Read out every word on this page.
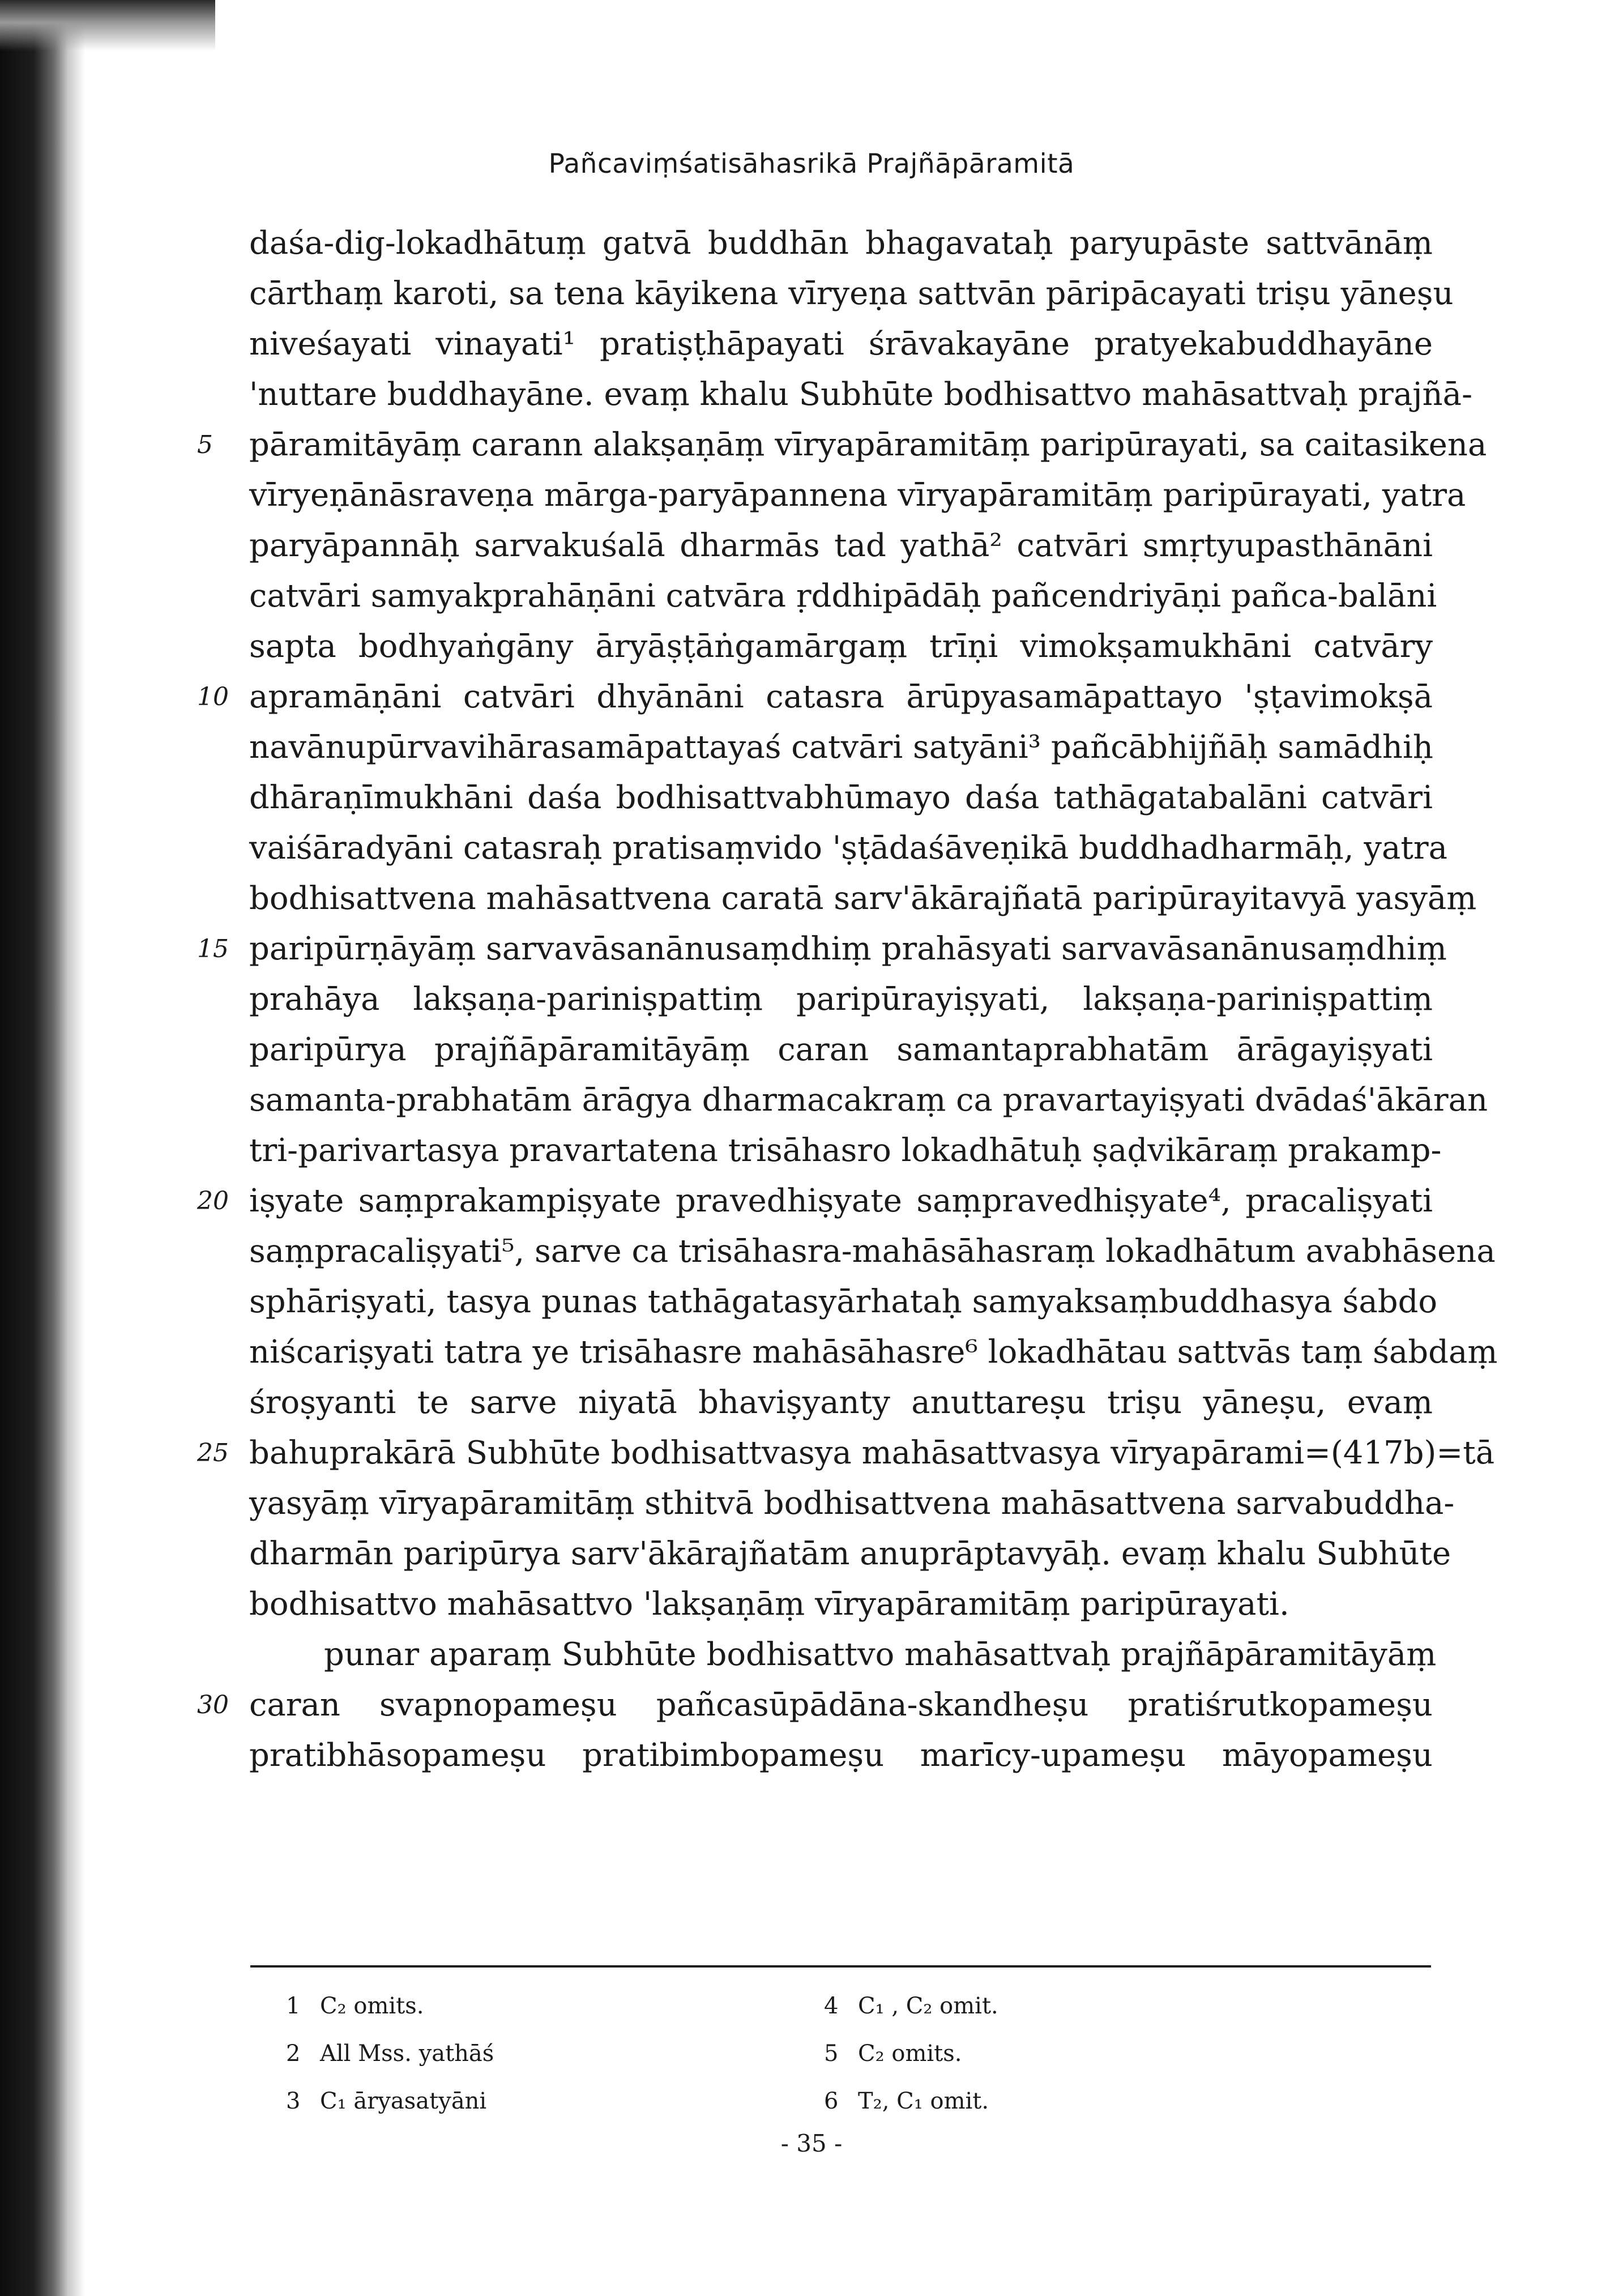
Pañcaviṃśatisāhasrikā Prajñāpāramitā
daśa-dig-lokadhātuṃ gatvā buddhān bhagavataḥ paryupāste sattvānāṃ
cārthaṃ karoti, sa tena kāyikena vīryeṇa sattvān pāripācayati triṣu yāneṣu
niveśayati vinayati¹ pratiṣṭhāpayati śrāvakayāne pratyekabuddhayāne
'nuttare buddhayāne. evaṃ khalu Subhūte bodhisattvo mahāsattvaḥ prajñā-
5	pāramitāyāṃ carann alakṣaṇāṃ vīryapāramitāṃ paripūrayati, sa caitasikena
vīryeṇānāsraveṇa mārga-paryāpannena vīryapāramitāṃ paripūrayati, yatra
paryāpannāḥ sarvakuśalā dharmās tad yathā² catvāri smṛtyupasthānāni
catvāri samyakprahāṇāni catvāra ṛddhipādāḥ pañcendriyāṇi pañca-balāni
sapta bodhyaṅgāny āryāṣṭāṅgamārgaṃ trīṇi vimokṣamukhāni catvāry
10 apramāṇāni catvāri dhyānāni catasra ārūpyasamāpattayo 'ṣṭavimokṣā
navānupūrvavihārasamāpattayaś catvāri satyāni³ pañcābhijñāḥ samādhiḥ
dhāraṇīmukhāni daśa bodhisattvabhūmayo daśa tathāgatabalāni catvāri
vaiśāradyāni catasraḥ pratisaṃvido 'ṣṭādaśāveṇikā buddhadharmāḥ, yatra
bodhisattvena mahāsattvena caratā sarv'ākārajñatā paripūrayitavyā yasyāṃ
15 paripūrṇāyāṃ sarvavāsanānusaṃdhiṃ prahāsyati sarvavāsanānusaṃdhiṃ
prahāya lakṣaṇa-pariniṣpattiṃ paripūrayiṣyati, lakṣaṇa-pariniṣpattiṃ
paripūrya prajñāpāramitāyāṃ caran samantaprabhatām ārāgayiṣyati
samanta-prabhatām ārāgya dharmacakraṃ ca pravartayiṣyati dvādaś'ākāran
tri-parivartasya pravartatena trisāhasro lokadhātuḥ ṣaḍvikāraṃ prakamp-
20 iṣyate saṃprakampiṣyate pravedhiṣyate saṃpravedhiṣyate⁴, pracaliṣyati
saṃpracaliṣyati⁵, sarve ca trisāhasra-mahāsāhasraṃ lokadhātum avabhāsena
sphāriṣyati, tasya punas tathāgatasyārhataḥ samyaksaṃbuddhasya śabdo
niścariṣyati tatra ye trisāhasre mahāsāhasre⁶ lokadhātau sattvās taṃ śabdaṃ
śroṣyanti te sarve niyatā bhaviṣyanty anuttareṣu triṣu yāneṣu, evaṃ
25 bahuprakārā Subhūte bodhisattvasya mahāsattvasya vīryapārami=(417b)=tā
yasyāṃ vīryapāramitāṃ sthitvā bodhisattvena mahāsattvena sarvabuddha-
dharmān paripūrya sarv'ākārajñatām anuprāptavyāḥ. evaṃ khalu Subhūte
bodhisattvo mahāsattvo 'lakṣaṇāṃ vīryapāramitāṃ paripūrayati.
punar aparaṃ Subhūte bodhisattvo mahāsattvaḥ prajñāpāramitāyāṃ
30 caran svapnopameṣu pañcasūpādāna-skandheṣu pratiśrutkopameṣu
pratibhāsopameṣu pratibimbopameṣu marīcy-upameṣu māyopameṣu
1 C₂ omits.	4 C₁ , C₂ omit.
2 All Mss. yathāś	5 C₂ omits.
3 C₁ āryasatyāni	6 T₂, C₁ omit.
- 35 -
